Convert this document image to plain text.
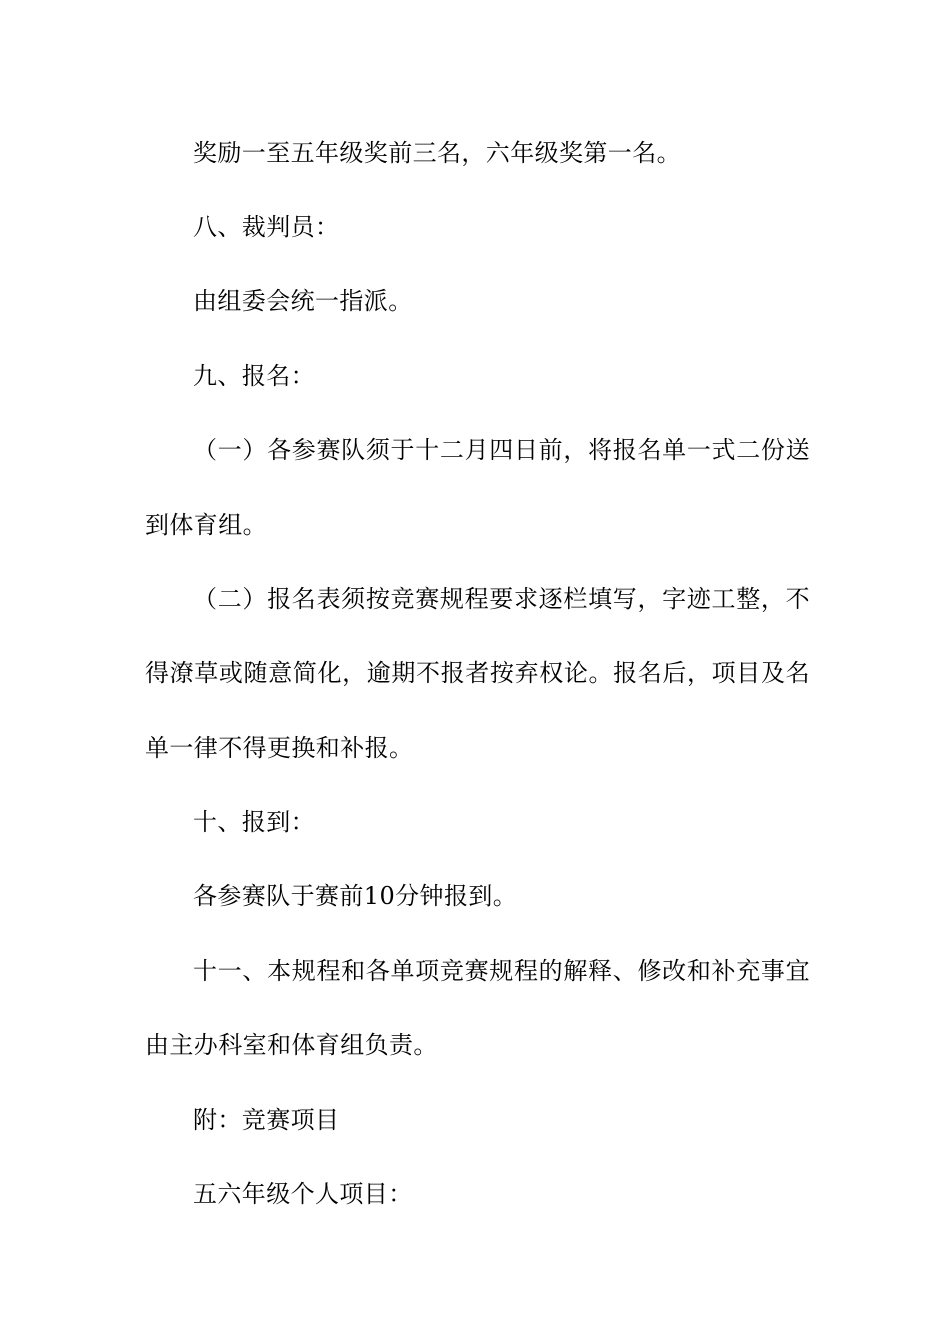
奖励一至五年级奖前三名，六年级奖第一名。
八、裁判员：
由组委会统一指派。
九、报名：
（一）各参赛队须于十二月四日前，将报名单一式二份送
到体育组。
（二）报名表须按竞赛规程要求逐栏填写，字迹工整，不
得潦草或随意简化，逾期不报者按弃权论。报名后，项目及名
单一律不得更换和补报。
十、报到：
各参赛队于赛前10分钟报到。
十一、本规程和各单项竞赛规程的解释、修改和补充事宜
由主办科室和体育组负责。
附：竞赛项目
五六年级个人项目：
